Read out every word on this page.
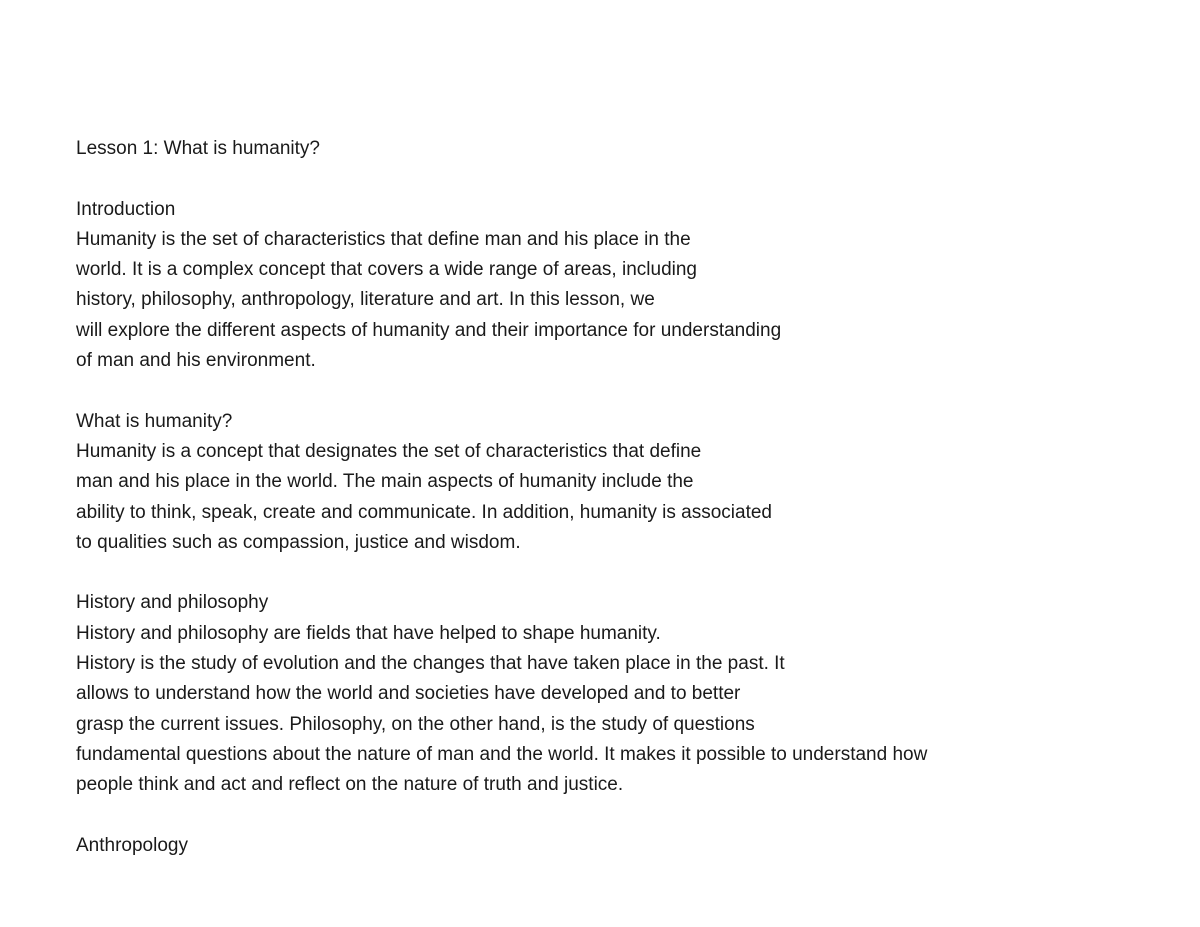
Lesson 1: What is humanity?
Introduction
Humanity is the set of characteristics that define man and his place in the
world. It is a complex concept that covers a wide range of areas, including
history, philosophy, anthropology, literature and art. In this lesson, we
will explore the different aspects of humanity and their importance for understanding
of man and his environment.
What is humanity?
Humanity is a concept that designates the set of characteristics that define
man and his place in the world. The main aspects of humanity include the
ability to think, speak, create and communicate. In addition, humanity is associated
to qualities such as compassion, justice and wisdom.
History and philosophy
History and philosophy are fields that have helped to shape humanity.
History is the study of evolution and the changes that have taken place in the past. It
allows to understand how the world and societies have developed and to better
grasp the current issues. Philosophy, on the other hand, is the study of questions
fundamental questions about the nature of man and the world. It makes it possible to understand how
people think and act and reflect on the nature of truth and justice.
Anthropology
